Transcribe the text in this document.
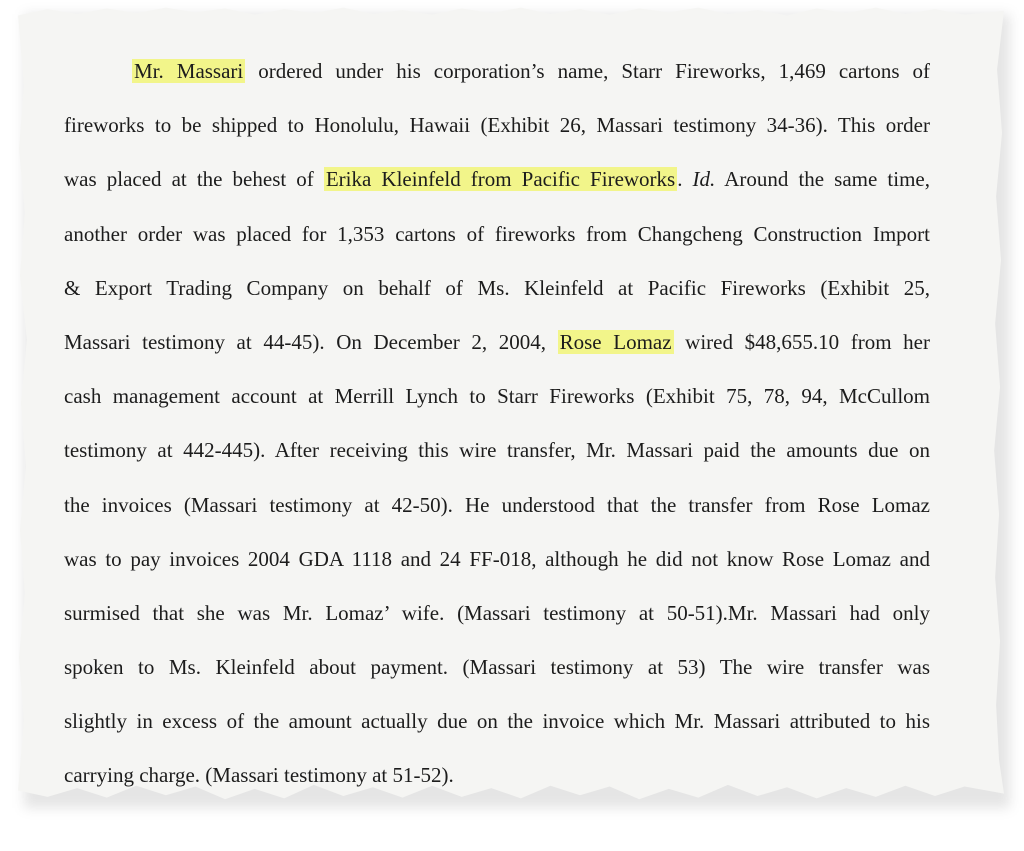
Mr. Massari ordered under his corporation’s name, Starr Fireworks, 1,469 cartons of
fireworks to be shipped to Honolulu, Hawaii (Exhibit 26, Massari testimony 34-36). This order
was placed at the behest of Erika Kleinfeld from Pacific Fireworks. Id. Around the same time,
another order was placed for 1,353 cartons of fireworks from Changcheng Construction Import
& Export Trading Company on behalf of Ms. Kleinfeld at Pacific Fireworks (Exhibit 25,
Massari testimony at 44-45). On December 2, 2004, Rose Lomaz wired $48,655.10 from her
cash management account at Merrill Lynch to Starr Fireworks (Exhibit 75, 78, 94, McCullom
testimony at 442-445). After receiving this wire transfer, Mr. Massari paid the amounts due on
the invoices (Massari testimony at 42-50). He understood that the transfer from Rose Lomaz
was to pay invoices 2004 GDA 1118 and 24 FF-018, although he did not know Rose Lomaz and
surmised that she was Mr. Lomaz’ wife. (Massari testimony at 50-51).Mr. Massari had only
spoken to Ms. Kleinfeld about payment. (Massari testimony at 53) The wire transfer was
slightly in excess of the amount actually due on the invoice which Mr. Massari attributed to his
carrying charge. (Massari testimony at 51-52).
